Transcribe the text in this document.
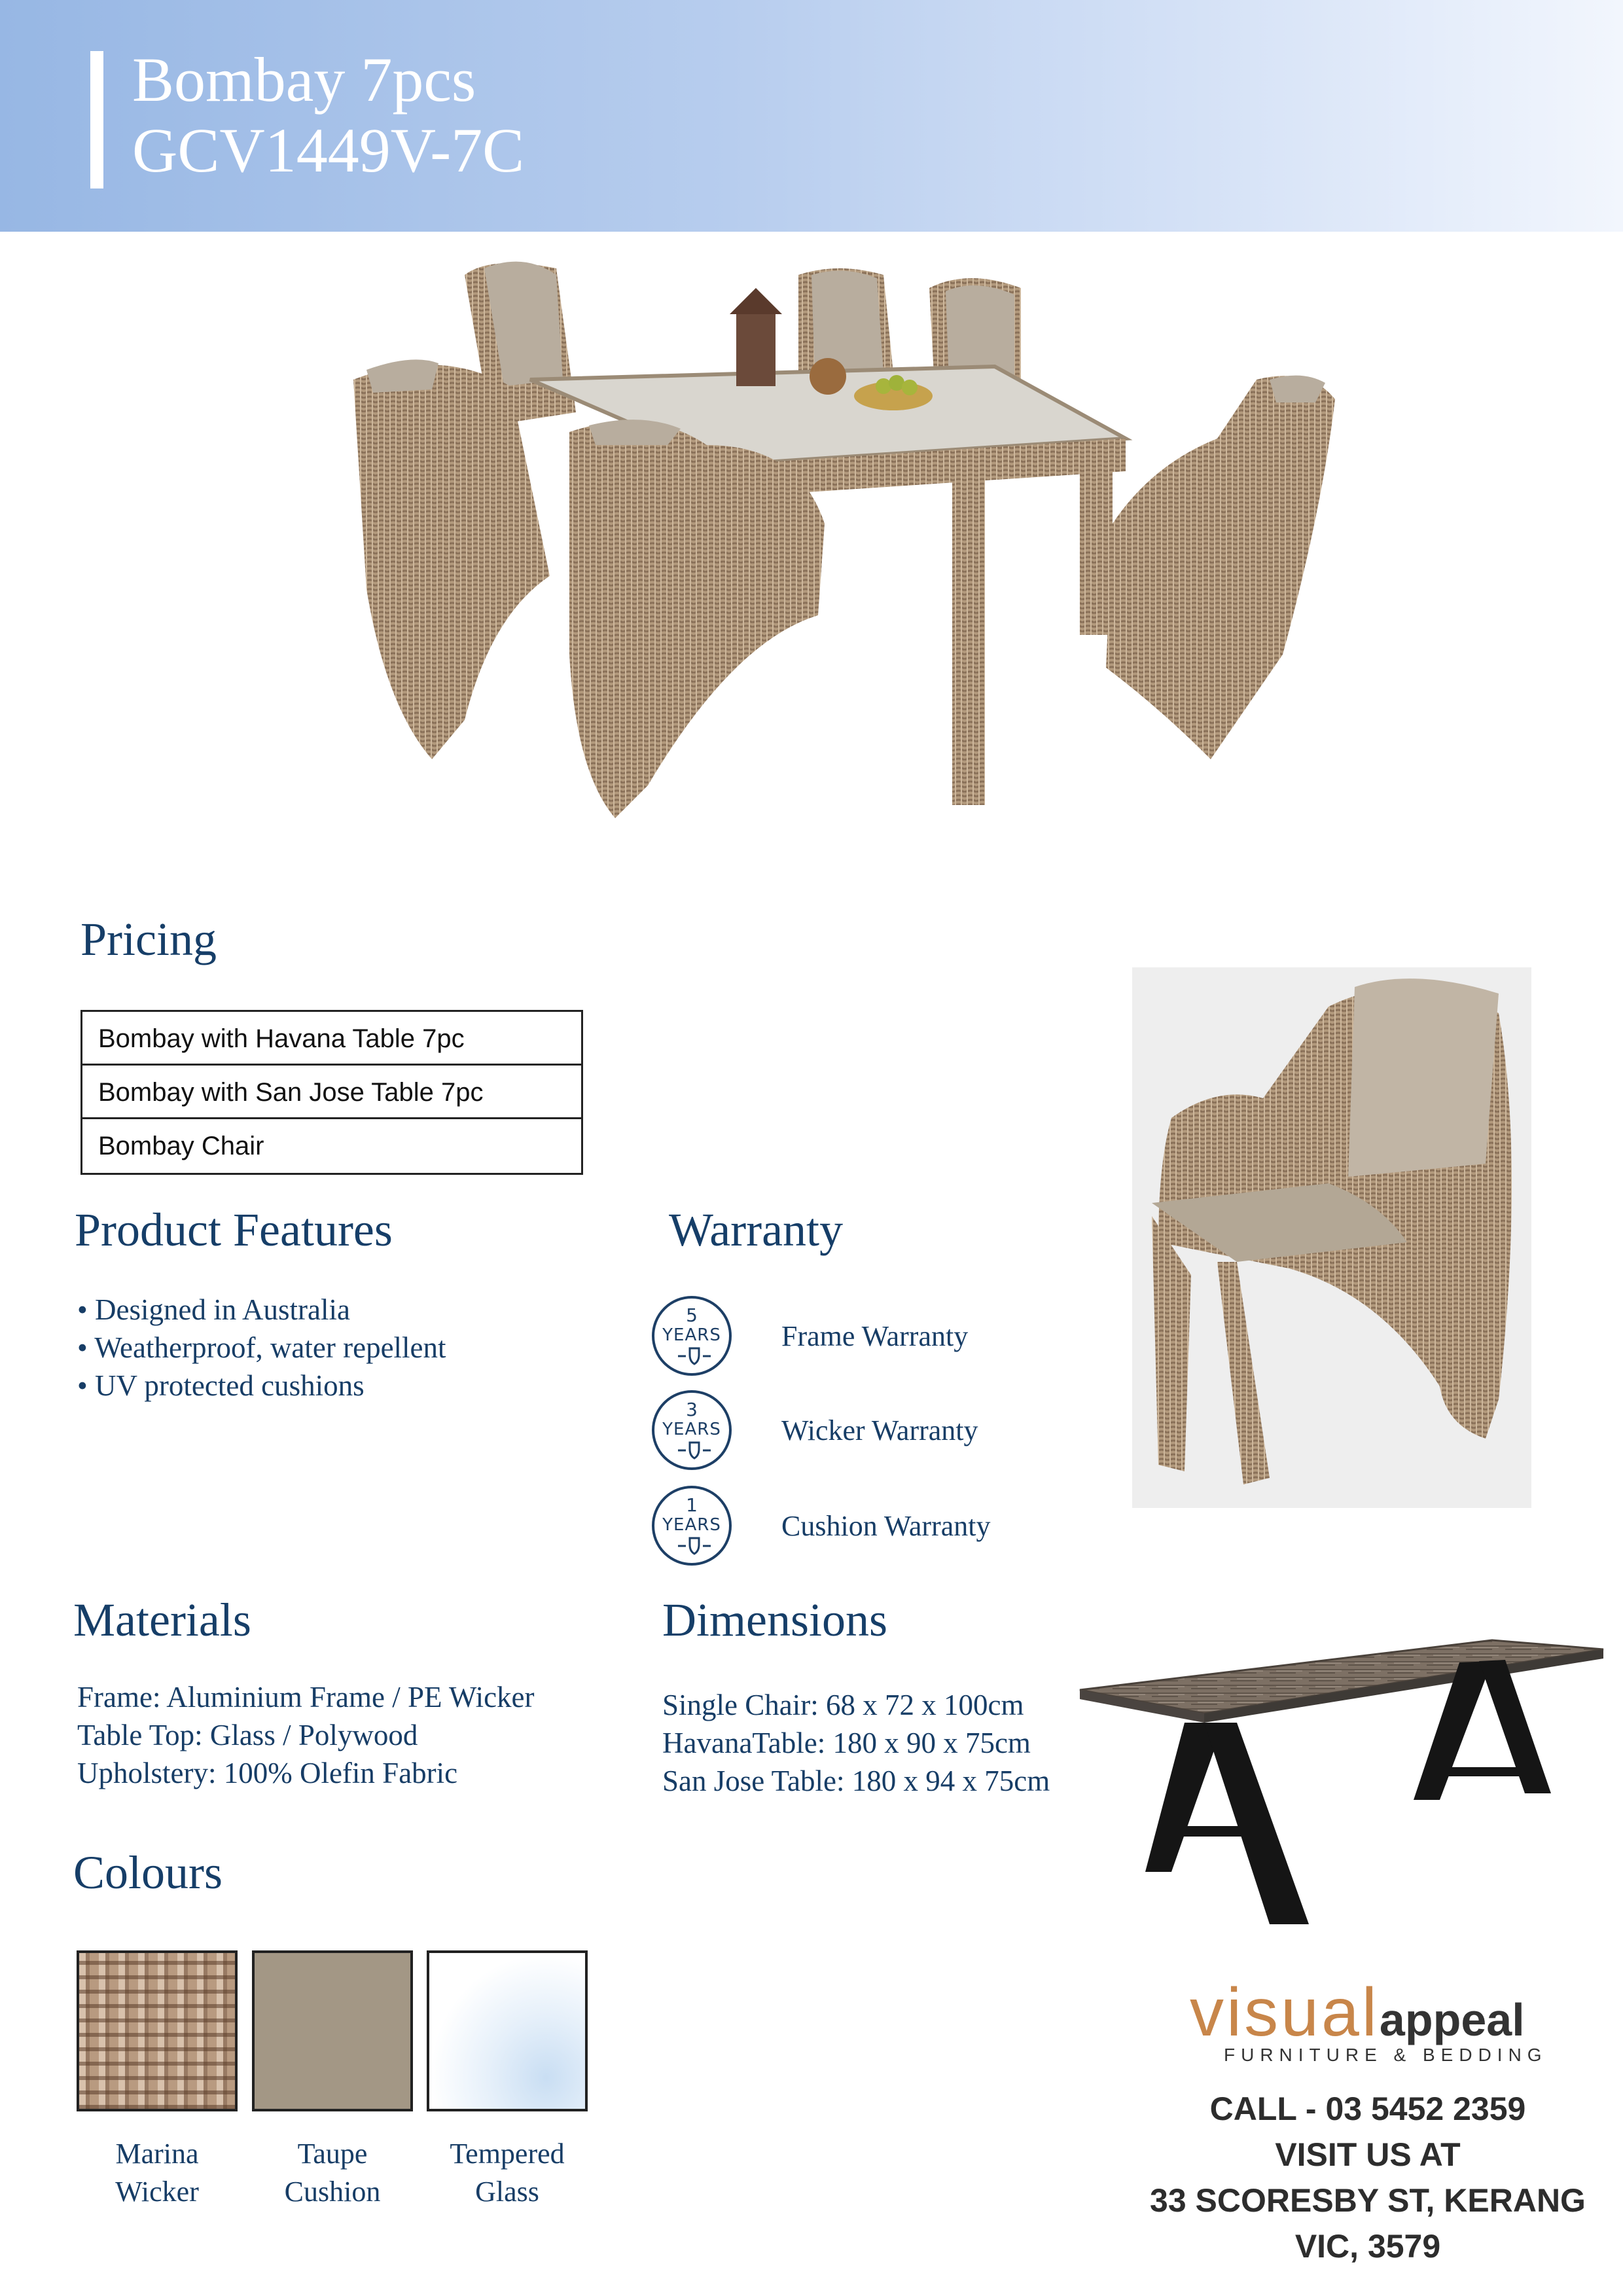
Bombay 7pcs
GCV1449V-7C
Pricing
Bombay with Havana Table 7pc
Bombay with San Jose Table 7pc
Bombay Chair
Product Features
• Designed in Australia
• Weatherproof, water repellent
• UV protected cushions
Warranty
5
YEARS Frame Warranty
3
YEARS Wicker Warranty
1
YEARS Cushion Warranty
Materials
Frame: Aluminium Frame / PE Wicker
Table Top: Glass / Polywood
Upholstery: 100% Olefin Fabric
Dimensions
Single Chair: 68 x 72 x 100cm
HavanaTable: 180 x 90 x 75cm
San Jose Table: 180 x 94 x 75cm
Colours
Marina
Wicker
Taupe
Cushion
Tempered
Glass
visualappeal
FURNITURE & BEDDING
CALL - 03 5452 2359
VISIT US AT
33 SCORESBY ST, KERANG
VIC, 3579
